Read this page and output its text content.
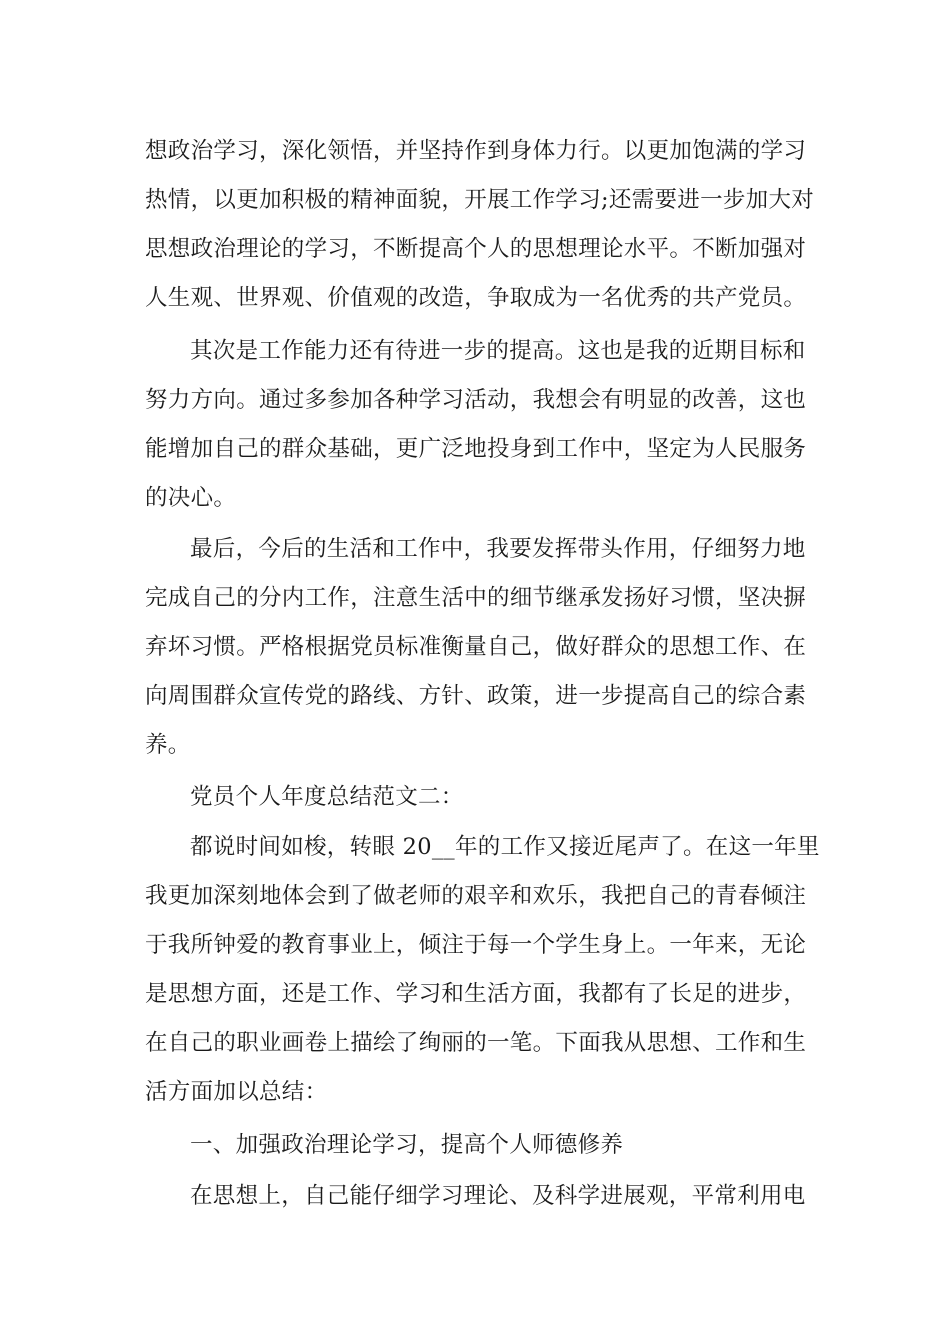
想政治学习，深化领悟，并坚持作到身体力行。以更加饱满的学习
热情，以更加积极的精神面貌，开展工作学习;还需要进一步加大对
思想政治理论的学习，不断提高个人的思想理论水平。不断加强对
人生观、世界观、价值观的改造，争取成为一名优秀的共产党员。
其次是工作能力还有待进一步的提高。这也是我的近期目标和
努力方向。通过多参加各种学习活动，我想会有明显的改善，这也
能增加自己的群众基础，更广泛地投身到工作中，坚定为人民服务
的决心。
最后，今后的生活和工作中，我要发挥带头作用，仔细努力地
完成自己的分内工作，注意生活中的细节继承发扬好习惯，坚决摒
弃坏习惯。严格根据党员标准衡量自己，做好群众的思想工作、在
向周围群众宣传党的路线、方针、政策，进一步提高自己的综合素
养。
党员个人年度总结范文二：
都说时间如梭，转眼 20__年的工作又接近尾声了。在这一年里
我更加深刻地体会到了做老师的艰辛和欢乐，我把自己的青春倾注
于我所钟爱的教育事业上，倾注于每一个学生身上。一年来，无论
是思想方面，还是工作、学习和生活方面，我都有了长足的进步，
在自己的职业画卷上描绘了绚丽的一笔。下面我从思想、工作和生
活方面加以总结：
一、加强政治理论学习，提高个人师德修养
在思想上，自己能仔细学习理论、及科学进展观，平常利用电
